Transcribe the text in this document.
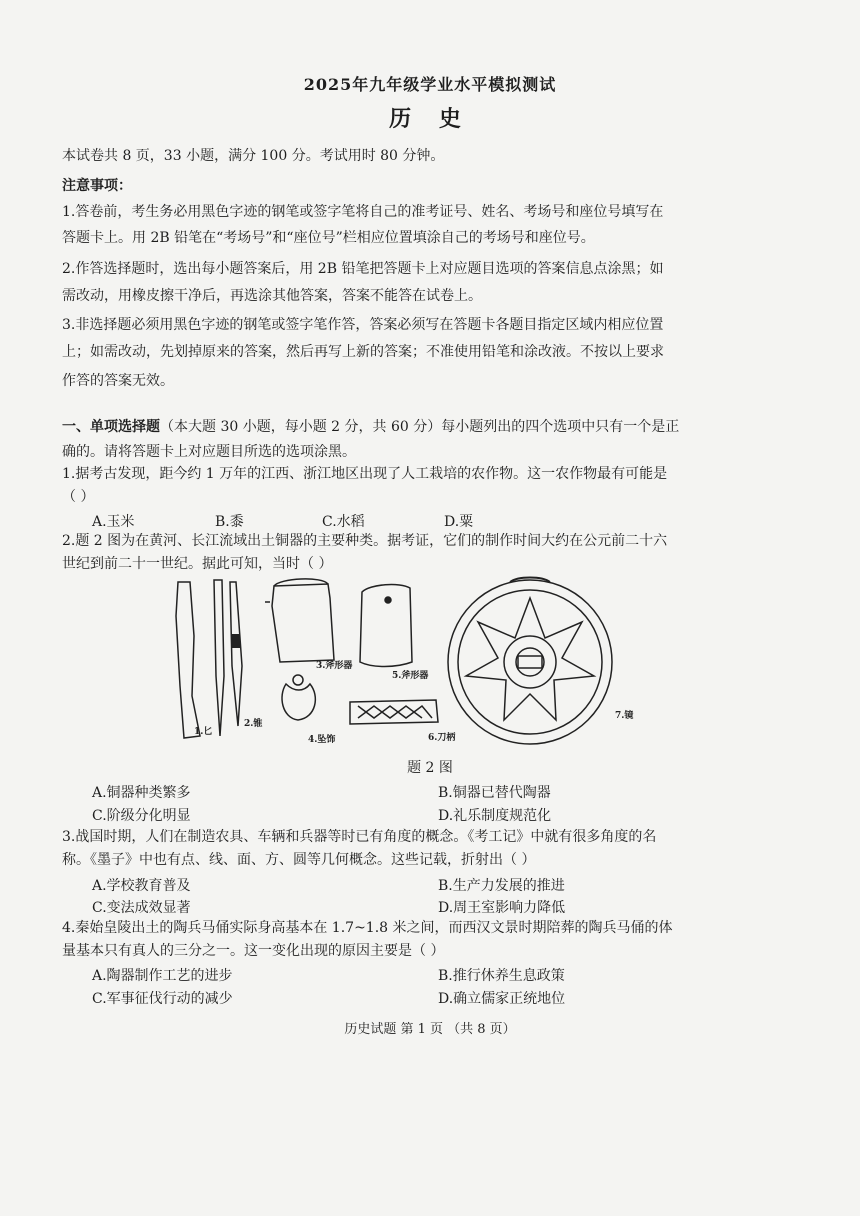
2025年九年级学业水平模拟测试
历 史
本试卷共 8 页，33 小题，满分 100 分。考试用时 80 分钟。
注意事项：
1.答卷前，考生务必用黑色字迹的钢笔或签字笔将自己的准考证号、姓名、考场号和座位号填写在
答题卡上。用 2B 铅笔在“考场号”和“座位号”栏相应位置填涂自己的考场号和座位号。
2.作答选择题时，选出每小题答案后，用 2B 铅笔把答题卡上对应题目选项的答案信息点涂黑；如
需改动，用橡皮擦干净后，再选涂其他答案，答案不能答在试卷上。
3.非选择题必须用黑色字迹的钢笔或签字笔作答，答案必须写在答题卡各题目指定区域内相应位置
上；如需改动，先划掉原来的答案，然后再写上新的答案；不准使用铅笔和涂改液。不按以上要求
作答的答案无效。
一、单项选择题（本大题 30 小题，每小题 2 分，共 60 分）每小题列出的四个选项中只有一个是正
确的。请将答题卡上对应题目所选的选项涂黑。
1.据考古发现，距今约 1 万年的江西、浙江地区出现了人工栽培的农作物。这一农作物最有可能是
（ ）
A.玉米	B.黍	C.水稻	D.粟
2.题 2 图为在黄河、长江流域出土铜器的主要种类。据考证，它们的制作时间大约在公元前二十六
世纪到前二十一世纪。据此可知，当时（ ）
1.匕
2.锥
3.斧形器
4.坠饰
5.斧形器
6.刀柄
7.镜
题 2 图
A.铜器种类繁多	B.铜器已替代陶器
C.阶级分化明显	D.礼乐制度规范化
3.战国时期，人们在制造农具、车辆和兵器等时已有角度的概念。《考工记》中就有很多角度的名
称。《墨子》中也有点、线、面、方、圆等几何概念。这些记载，折射出（ ）
A.学校教育普及	B.生产力发展的推进
C.变法成效显著	D.周王室影响力降低
4.秦始皇陵出土的陶兵马俑实际身高基本在 1.7~1.8 米之间，而西汉文景时期陪葬的陶兵马俑的体
量基本只有真人的三分之一。这一变化出现的原因主要是（ ）
A.陶器制作工艺的进步	B.推行休养生息政策
C.军事征伐行动的减少	D.确立儒家正统地位
历史试题 第 1 页 （共 8 页）
